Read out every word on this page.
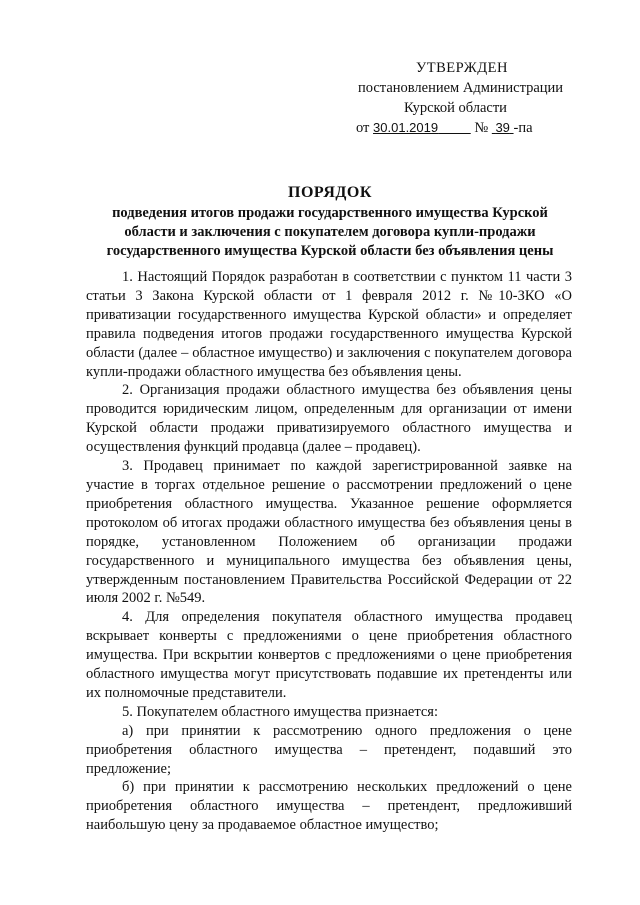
УТВЕРЖДЕН
постановлением Администрации
Курской области
от 30.01.2019	№ 39 -па
ПОРЯДОК
подведения итогов продажи государственного имущества Курской
области и заключения с покупателем договора купли-продажи
государственного имущества Курской области без объявления цены

1. Настоящий Порядок разработан в соответствии с пунктом 11 части 3 статьи 3 Закона Курской области от 1 февраля 2012 г. №10-ЗКО «О приватизации государственного имущества Курской области» и определяет правила подведения итогов продажи государственного имущества Курской области (далее – областное имущество) и заключения с покупателем договора купли-продажи областного имущества без объявления цены.

2. Организация продажи областного имущества без объявления цены проводится юридическим лицом, определенным для организации от имени Курской области продажи приватизируемого областного имущества и осуществления функций продавца (далее – продавец).

3. Продавец принимает по каждой зарегистрированной заявке на участие в торгах отдельное решение о рассмотрении предложений о цене приобретения областного имущества. Указанное решение оформляется протоколом об итогах продажи областного имущества без объявления цены в порядке, установленном Положением об организации продажи государственного и муниципального имущества без объявления цены, утвержденным постановлением Правительства Российской Федерации от 22 июля 2002 г. №549.

4. Для определения покупателя областного имущества продавец вскрывает конверты с предложениями о цене приобретения областного имущества. При вскрытии конвертов с предложениями о цене приобретения областного имущества могут присутствовать подавшие их претенденты или их полномочные представители.

5. Покупателем областного имущества признается:

а) при принятии к рассмотрению одного предложения о цене приобретения областного имущества – претендент, подавший это предложение;

б) при принятии к рассмотрению нескольких предложений о цене приобретения областного имущества – претендент, предложивший наибольшую цену за продаваемое областное имущество;
